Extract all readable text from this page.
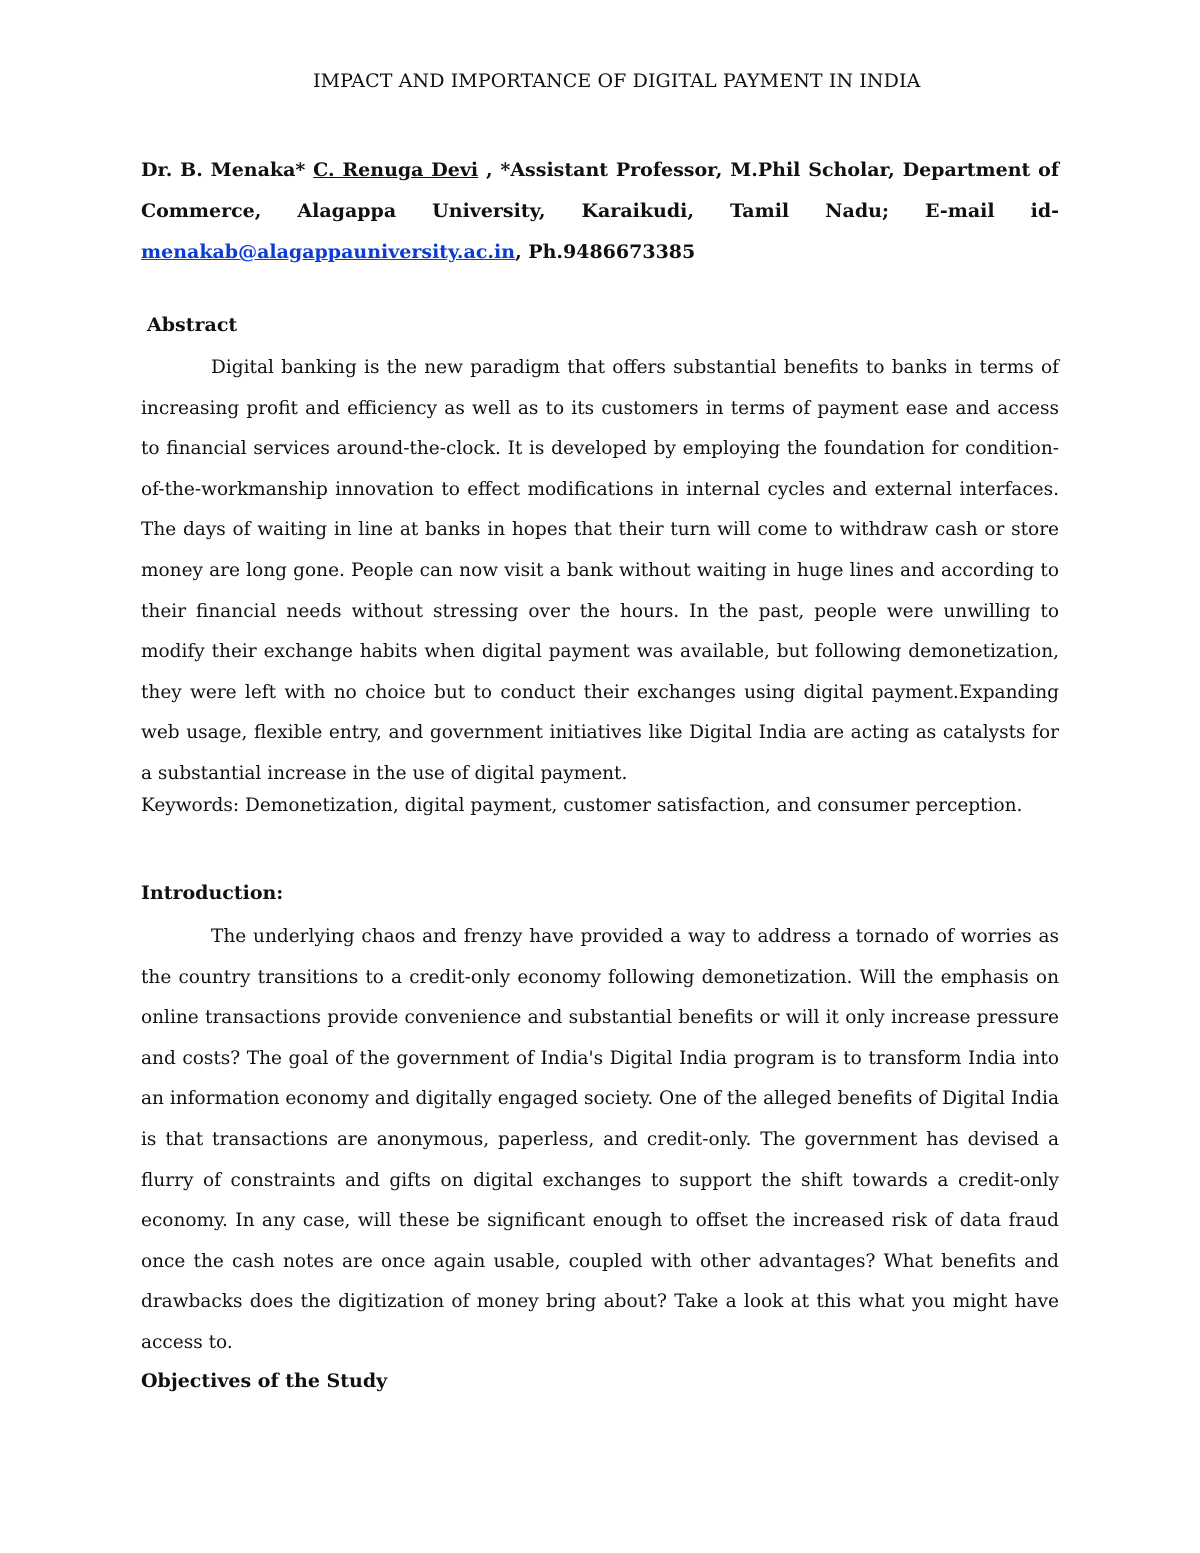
IMPACT AND IMPORTANCE OF DIGITAL PAYMENT IN INDIA
Dr. B. Menaka* C. Renuga Devi , *Assistant Professor, M.Phil Scholar, Department of Commerce, Alagappa University, Karaikudi, Tamil Nadu; E-mail id-menakab@alagappauniversity.ac.in, Ph.9486673385
Abstract

Digital banking is the new paradigm that offers substantial benefits to banks in terms of increasing profit and efficiency as well as to its customers in terms of payment ease and access to financial services around-the-clock. It is developed by employing the foundation for condition-of-the-workmanship innovation to effect modifications in internal cycles and external interfaces. The days of waiting in line at banks in hopes that their turn will come to withdraw cash or store money are long gone. People can now visit a bank without waiting in huge lines and according to their financial needs without stressing over the hours. In the past, people were unwilling to modify their exchange habits when digital payment was available, but following demonetization, they were left with no choice but to conduct their exchanges using digital payment.Expanding web usage, flexible entry, and government initiatives like Digital India are acting as catalysts for a substantial increase in the use of digital payment.

Keywords: Demonetization, digital payment, customer satisfaction, and consumer perception.
Introduction:

The underlying chaos and frenzy have provided a way to address a tornado of worries as the country transitions to a credit-only economy following demonetization. Will the emphasis on online transactions provide convenience and substantial benefits or will it only increase pressure and costs? The goal of the government of India's Digital India program is to transform India into an information economy and digitally engaged society. One of the alleged benefits of Digital India is that transactions are anonymous, paperless, and credit-only. The government has devised a flurry of constraints and gifts on digital exchanges to support the shift towards a credit-only economy. In any case, will these be significant enough to offset the increased risk of data fraud once the cash notes are once again usable, coupled with other advantages? What benefits and drawbacks does the digitization of money bring about? Take a look at this what you might have access to.

Objectives of the Study
